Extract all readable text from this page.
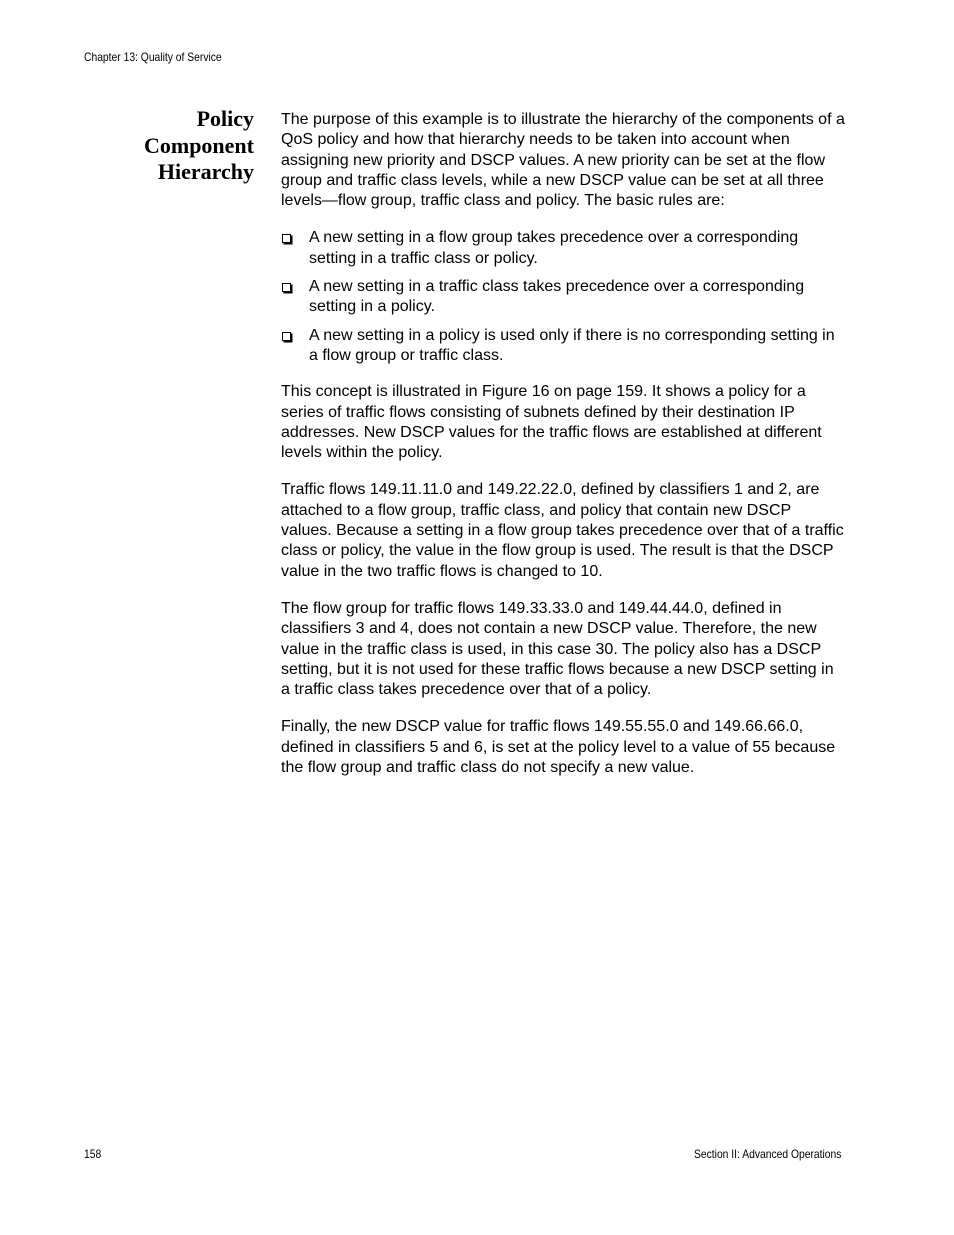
Chapter 13: Quality of Service
Policy
Component
Hierarchy

The purpose of this example is to illustrate the hierarchy of the components of a QoS policy and how that hierarchy needs to be taken into account when assigning new priority and DSCP values. A new priority can be set at the flow group and traffic class levels, while a new DSCP value can be set at all three levels—flow group, traffic class and policy. The basic rules are:

A new setting in a flow group takes precedence over a corresponding setting in a traffic class or policy.
A new setting in a traffic class takes precedence over a corresponding setting in a policy.
A new setting in a policy is used only if there is no corresponding setting in a flow group or traffic class.

This concept is illustrated in Figure 16 on page 159. It shows a policy for a series of traffic flows consisting of subnets defined by their destination IP addresses. New DSCP values for the traffic flows are established at different levels within the policy.

Traffic flows 149.11.11.0 and 149.22.22.0, defined by classifiers 1 and 2, are attached to a flow group, traffic class, and policy that contain new DSCP values. Because a setting in a flow group takes precedence over that of a traffic class or policy, the value in the flow group is used. The result is that the DSCP value in the two traffic flows is changed to 10.

The flow group for traffic flows 149.33.33.0 and 149.44.44.0, defined in classifiers 3 and 4, does not contain a new DSCP value. Therefore, the new value in the traffic class is used, in this case 30. The policy also has a DSCP setting, but it is not used for these traffic flows because a new DSCP setting in a traffic class takes precedence over that of a policy.

Finally, the new DSCP value for traffic flows 149.55.55.0 and 149.66.66.0, defined in classifiers 5 and 6, is set at the policy level to a value of 55 because the flow group and traffic class do not specify a new value.

158	Section II: Advanced Operations
